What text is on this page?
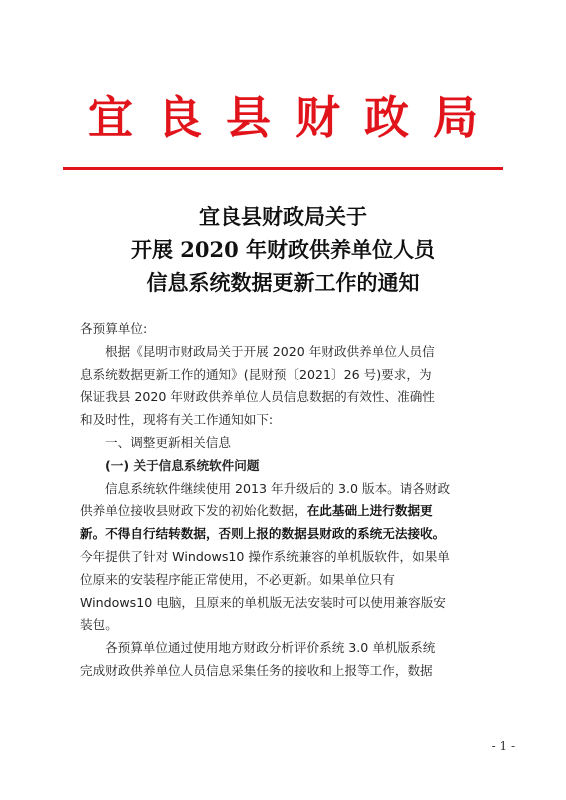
宜良县财政局
宜良县财政局关于
开展 2020 年财政供养单位人员
信息系统数据更新工作的通知
各预算单位:
根据《昆明市财政局关于开展 2020 年财政供养单位人员信
息系统数据更新工作的通知》(昆财预〔2021〕26 号)要求，为
保证我县 2020 年财政供养单位人员信息数据的有效性、准确性
和及时性，现将有关工作通知如下:
一、调整更新相关信息
(一) 关于信息系统软件问题
信息系统软件继续使用 2013 年升级后的 3.0 版本。请各财政
供养单位接收县财政下发的初始化数据，在此基础上进行数据更
新。不得自行结转数据，否则上报的数据县财政的系统无法接收。
今年提供了针对 Windows10 操作系统兼容的单机版软件，如果单
位原来的安装程序能正常使用，不必更新。如果单位只有
Windows10 电脑，且原来的单机版无法安装时可以使用兼容版安
装包。
各预算单位通过使用地方财政分析评价系统 3.0 单机版系统
完成财政供养单位人员信息采集任务的接收和上报等工作，数据
- 1 -
